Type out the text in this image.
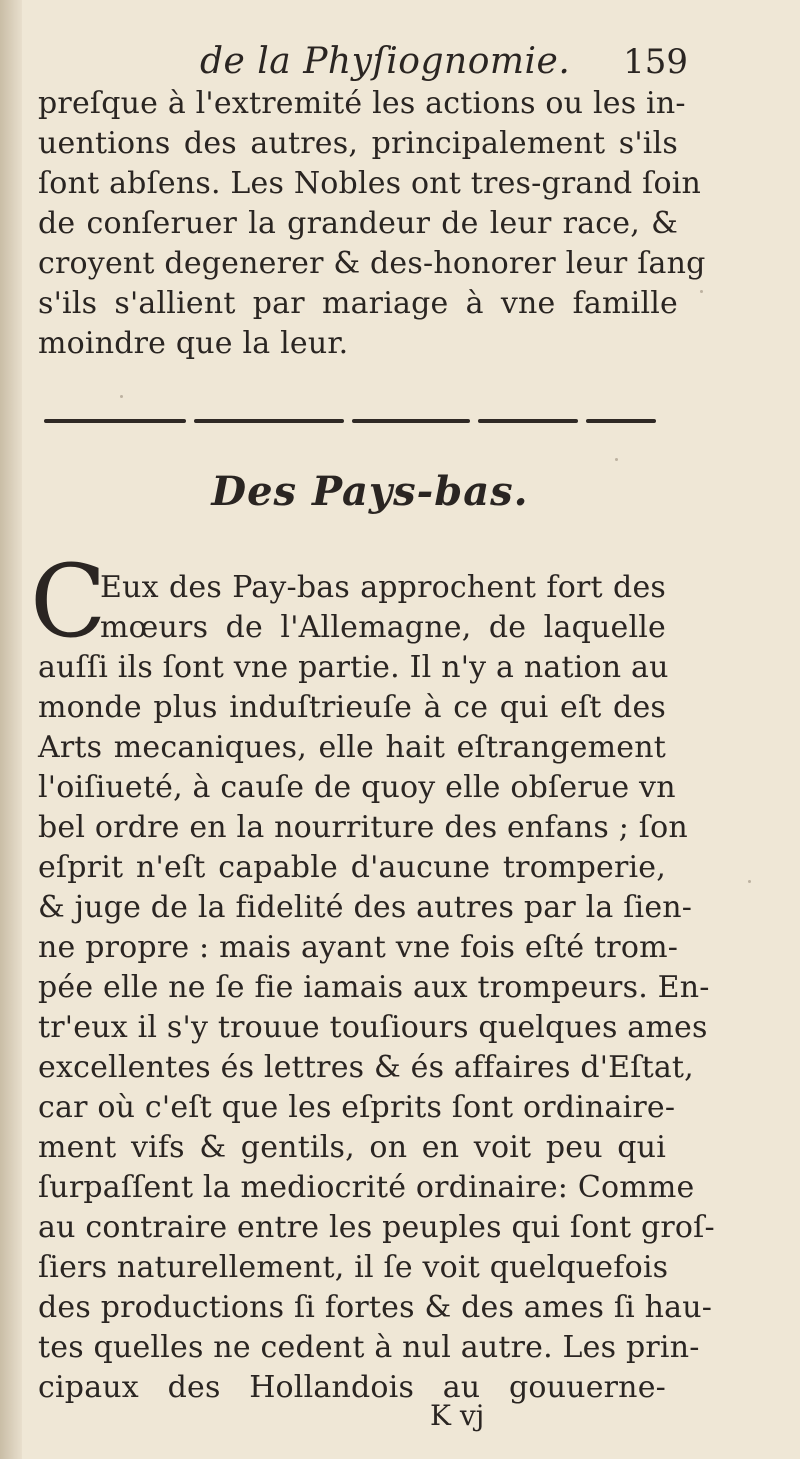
de la Phyſiognomie. 159
preſque à l'extremité les actions ou les in-
uentions des autres, principalement s'ils
ſont abſens. Les Nobles ont tres-grand ſoin
de conſeruer la grandeur de leur race, &
croyent degenerer & des-honorer leur ſang
s'ils s'allient par mariage à vne famille
moindre que la leur.
Des Pays-bas.
C
Eux des Pay-bas approchent fort des
mœurs de l'Allemagne, de laquelle
auſſi ils ſont vne partie. Il n'y a nation au
monde plus induſtrieuſe à ce qui eſt des
Arts mecaniques, elle hait eſtrangement
l'oiſiueté, à cauſe de quoy elle obſerue vn
bel ordre en la nourriture des enfans ; ſon
eſprit n'eſt capable d'aucune tromperie,
& juge de la fidelité des autres par la ſien-
ne propre : mais ayant vne fois eſté trom-
pée elle ne ſe fie iamais aux trompeurs. En-
tr'eux il s'y trouue touſiours quelques ames
excellentes és lettres & és affaires d'Eſtat,
car où c'eſt que les eſprits ſont ordinaire-
ment vifs & gentils, on en voit peu qui
ſurpaſſent la mediocrité ordinaire: Comme
au contraire entre les peuples qui ſont groſ-
ſiers naturellement, il ſe voit quelquefois
des productions ſi fortes & des ames ſi hau-
tes quelles ne cedent à nul autre. Les prin-
cipaux des Hollandois au gouuerne-
K vj
